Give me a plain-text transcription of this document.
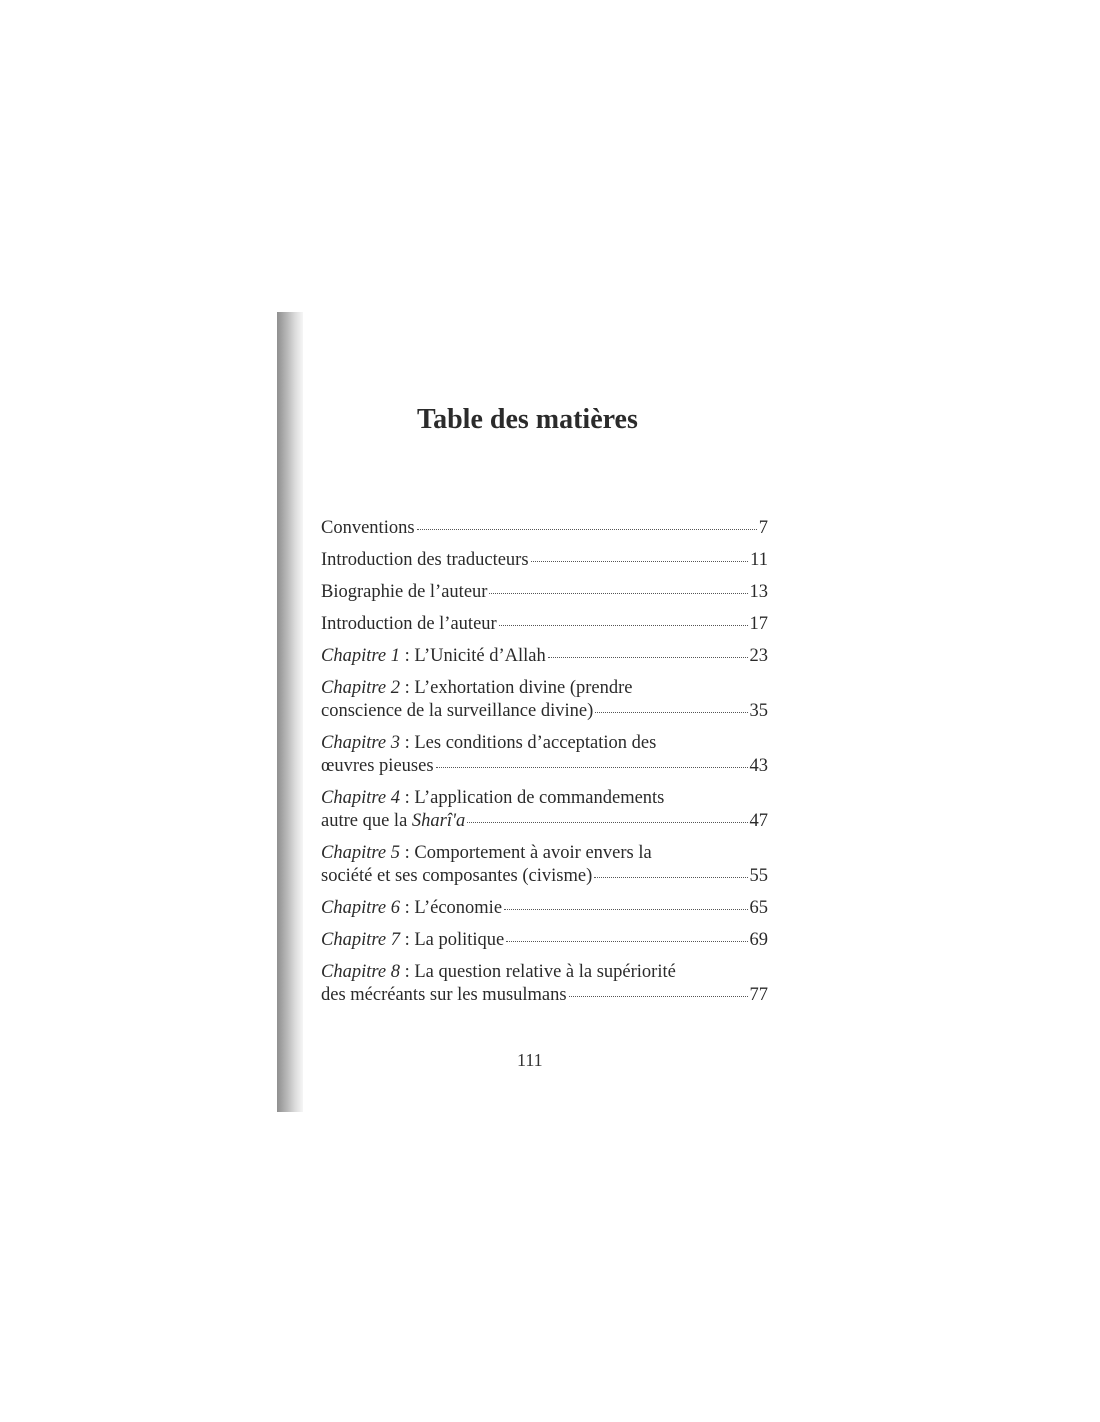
Table des matières
Conventions	7
Introduction des traducteurs	11
Biographie de l’auteur	13
Introduction de l’auteur	17
Chapitre 1 : L’Unicité d’Allah	23
Chapitre 2 : L’exhortation divine (prendre
conscience de la surveillance divine)	35
Chapitre 3 : Les conditions d’acceptation des
œuvres pieuses	43
Chapitre 4 : L’application de commandements
autre que la Sharî'a	47
Chapitre 5 : Comportement à avoir envers la
société et ses composantes (civisme)	55
Chapitre 6 : L’économie	65
Chapitre 7 : La politique	69
Chapitre 8 : La question relative à la supériorité
des mécréants sur les musulmans	77
111
